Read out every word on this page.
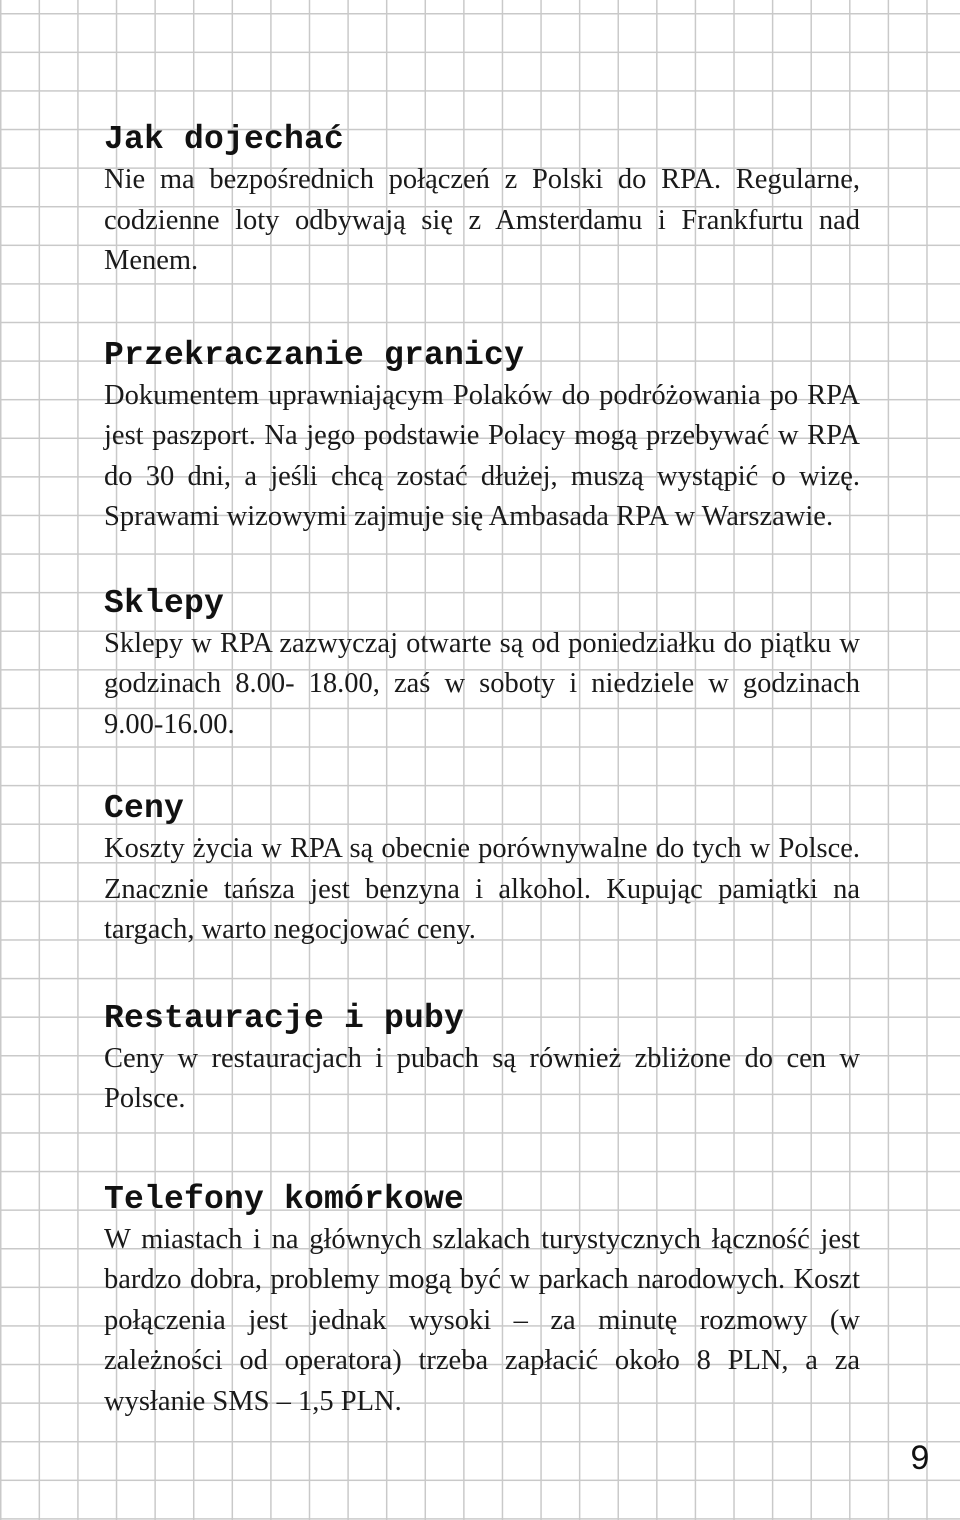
Jak dojechać

Nie ma bezpośrednich połączeń z Polski do RPA. Regularne, codzienne loty odbywają się z Amsterdamu i Frankfurtu nad Menem.

Przekraczanie granicy

Dokumentem uprawniającym Polaków do podróżowania po RPA jest paszport. Na jego podstawie Polacy mogą przebywać w RPA do 30 dni, a jeśli chcą zostać dłużej, muszą wystąpić o wizę. Sprawami wizowymi zajmuje się Ambasada RPA w Warszawie.

Sklepy

Sklepy w RPA zazwyczaj otwarte są od poniedziałku do piątku w godzinach 8.00- 18.00, zaś w soboty i niedziele w godzinach 9.00-16.00.

Ceny

Koszty życia w RPA są obecnie porównywalne do tych w Polsce. Znacznie tańsza jest benzyna i alkohol. Kupując pamiątki na targach, warto negocjować ceny.

Restauracje i puby

Ceny w restauracjach i pubach są również zbliżone do cen w Polsce.

Telefony komórkowe

W miastach i na głównych szlakach turystycznych łączność jest bardzo dobra, problemy mogą być w parkach narodowych. Koszt połączenia jest jednak wysoki – za minutę rozmowy (w zależności od operatora) trzeba zapłacić około 8 PLN, a za wysłanie SMS – 1,5 PLN.

9
